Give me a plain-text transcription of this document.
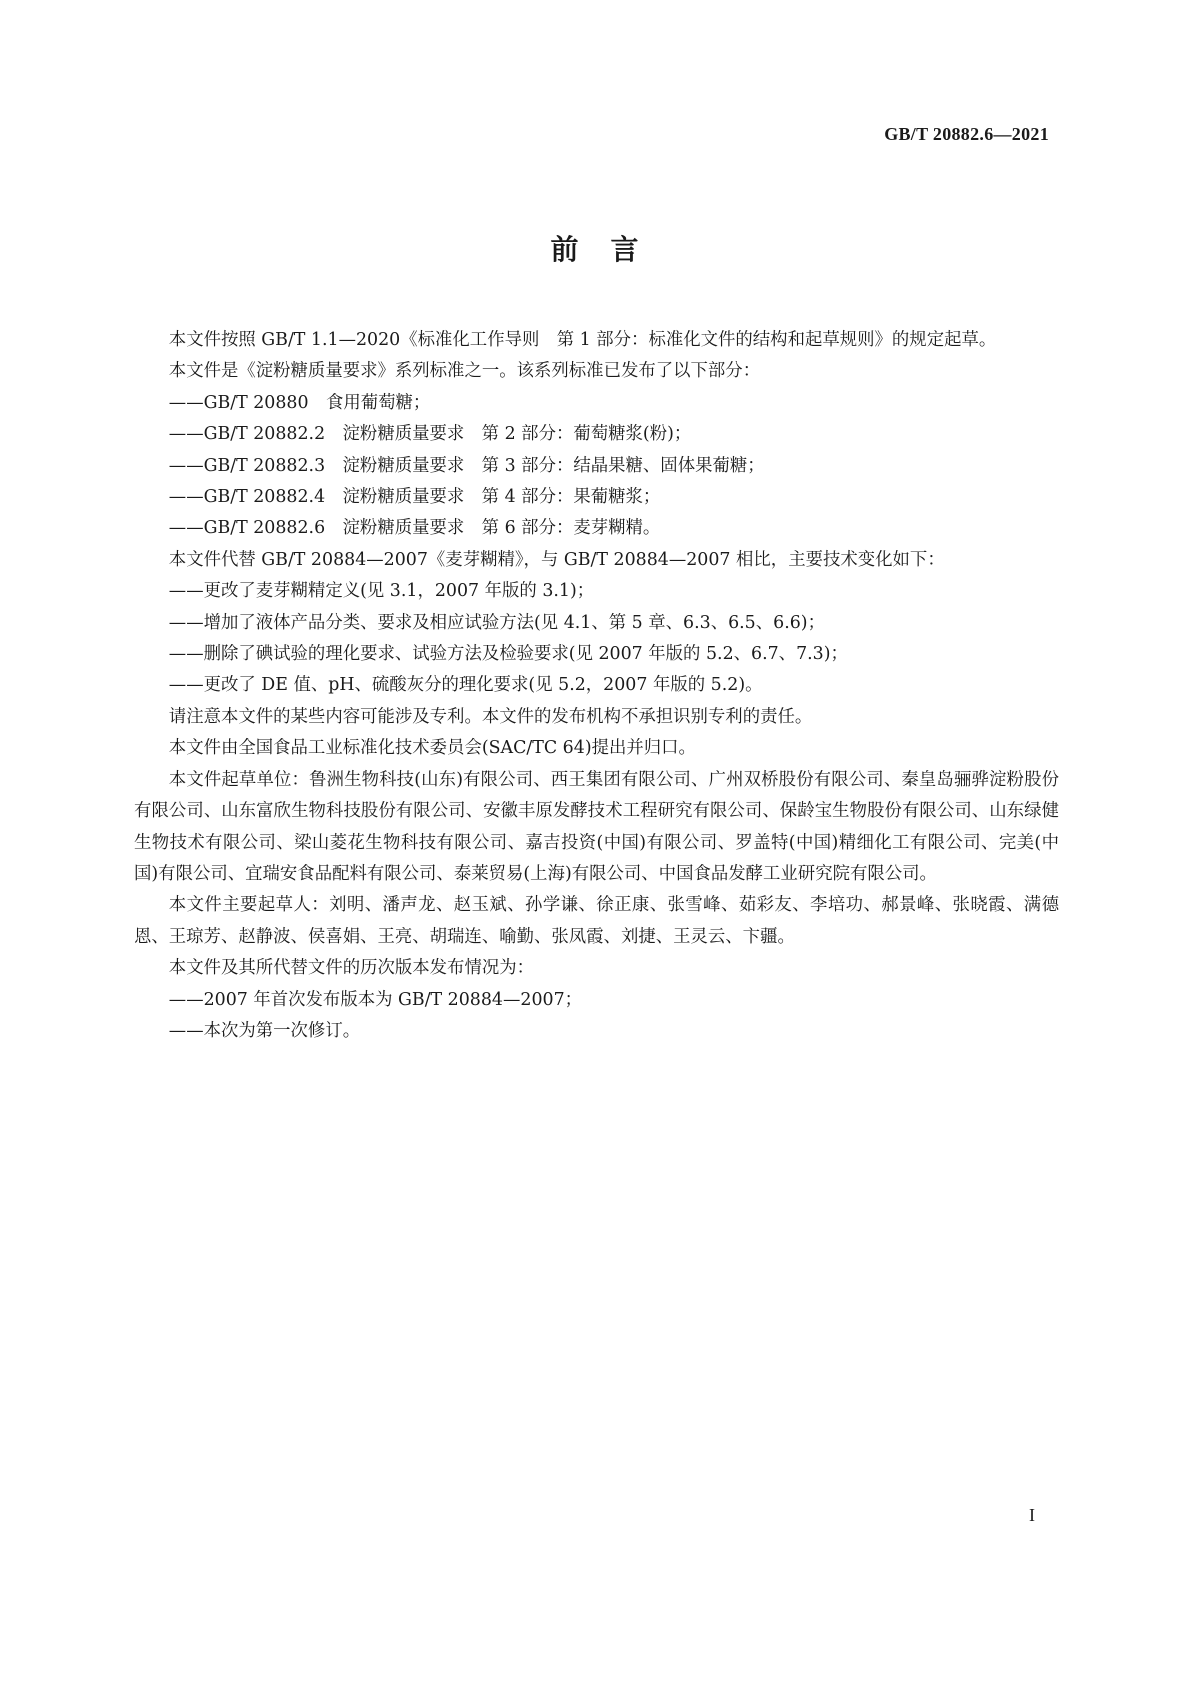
GB/T 20882.6—2021
前　言

本文件按照 GB/T 1.1—2020《标准化工作导则　第 1 部分：标准化文件的结构和起草规则》的规定起草。

本文件是《淀粉糖质量要求》系列标准之一。该系列标准已发布了以下部分：

——GB/T 20880　食用葡萄糖；

——GB/T 20882.2　淀粉糖质量要求　第 2 部分：葡萄糖浆(粉)；

——GB/T 20882.3　淀粉糖质量要求　第 3 部分：结晶果糖、固体果葡糖；

——GB/T 20882.4　淀粉糖质量要求　第 4 部分：果葡糖浆；

——GB/T 20882.6　淀粉糖质量要求　第 6 部分：麦芽糊精。

本文件代替 GB/T 20884—2007《麦芽糊精》，与 GB/T 20884—2007 相比，主要技术变化如下：

——更改了麦芽糊精定义(见 3.1，2007 年版的 3.1)；

——增加了液体产品分类、要求及相应试验方法(见 4.1、第 5 章、6.3、6.5、6.6)；

——删除了碘试验的理化要求、试验方法及检验要求(见 2007 年版的 5.2、6.7、7.3)；

——更改了 DE 值、pH、硫酸灰分的理化要求(见 5.2，2007 年版的 5.2)。

请注意本文件的某些内容可能涉及专利。本文件的发布机构不承担识别专利的责任。

本文件由全国食品工业标准化技术委员会(SAC/TC 64)提出并归口。

本文件起草单位：鲁洲生物科技(山东)有限公司、西王集团有限公司、广州双桥股份有限公司、秦皇岛骊骅淀粉股份有限公司、山东富欣生物科技股份有限公司、安徽丰原发酵技术工程研究有限公司、保龄宝生物股份有限公司、山东绿健生物技术有限公司、梁山菱花生物科技有限公司、嘉吉投资(中国)有限公司、罗盖特(中国)精细化工有限公司、完美(中国)有限公司、宜瑞安食品配料有限公司、泰莱贸易(上海)有限公司、中国食品发酵工业研究院有限公司。

本文件主要起草人：刘明、潘声龙、赵玉斌、孙学谦、徐正康、张雪峰、茹彩友、李培功、郝景峰、张晓霞、满德恩、王琼芳、赵静波、侯喜娟、王亮、胡瑞连、喻勤、张凤霞、刘捷、王灵云、卞疆。

本文件及其所代替文件的历次版本发布情况为：

——2007 年首次发布版本为 GB/T 20884—2007；

——本次为第一次修订。

I
